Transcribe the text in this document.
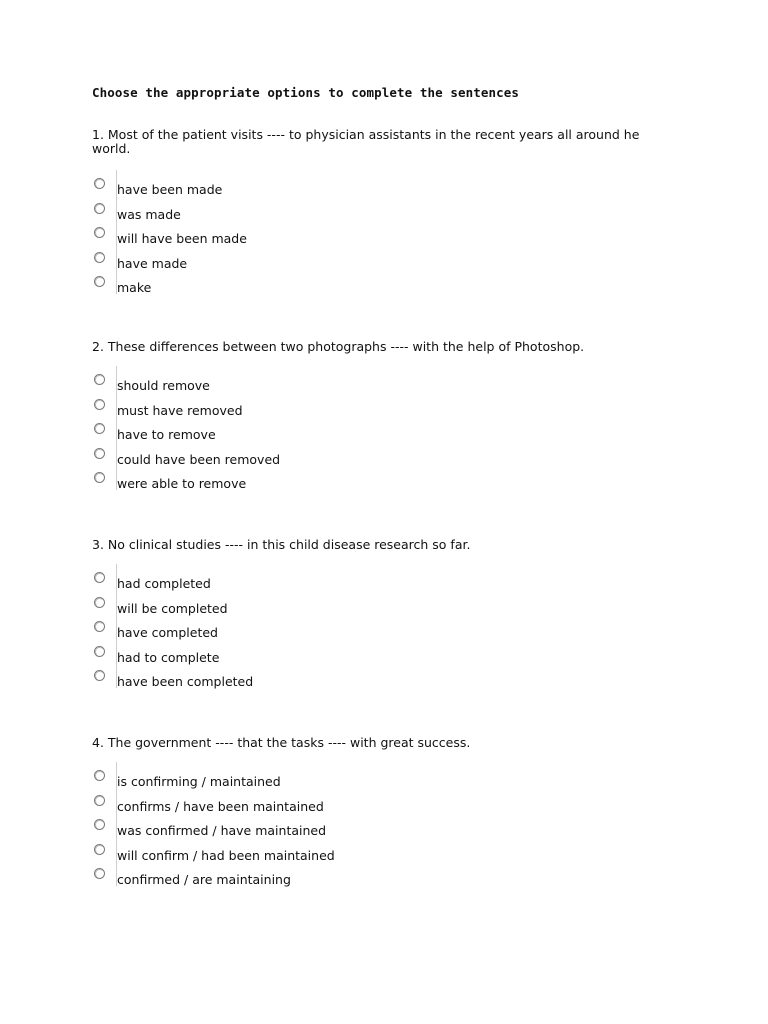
Choose the appropriate options to complete the sentences

1. Most of the patient visits ---- to physician assistants in the recent years all around he world.

have been made
was made
will have been made
have made
make

2. These differences between two photographs ---- with the help of Photoshop.

should remove
must have removed
have to remove
could have been removed
were able to remove

3. No clinical studies ---- in this child disease research so far.

had completed
will be completed
have completed
had to complete
have been completed

4. The government ---- that the tasks ---- with great success.

is confirming / maintained
confirms / have been maintained
was confirmed / have maintained
will confirm / had been maintained
confirmed / are maintaining
